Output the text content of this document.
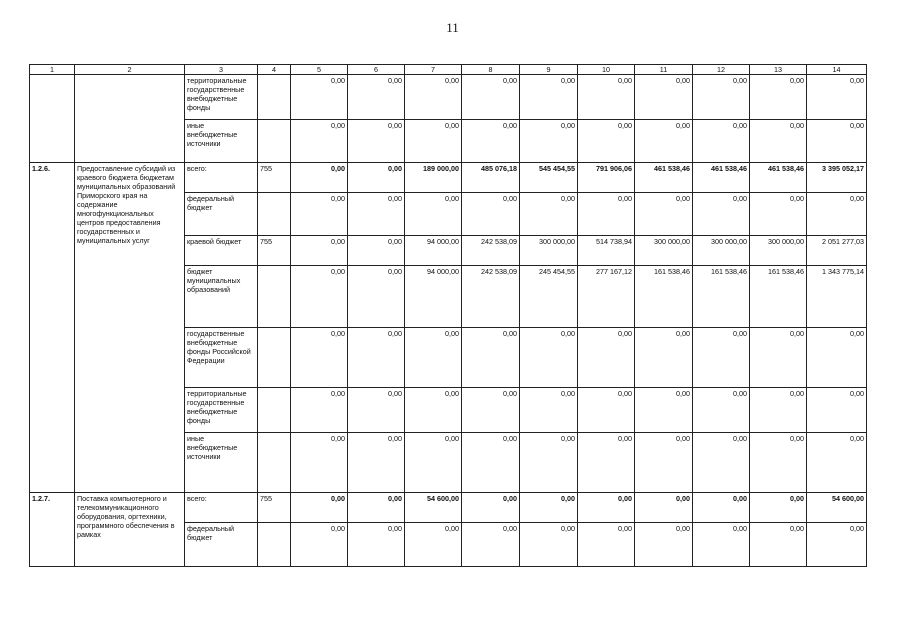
11
1	2	3	4	5	6	7	8	9	10	11	12	13	14
		территориальные государственные внебюджетные фонды		0,00	0,00	0,00	0,00	0,00	0,00	0,00	0,00	0,00	0,00
		иные внебюджетные источники		0,00	0,00	0,00	0,00	0,00	0,00	0,00	0,00	0,00	0,00
1.2.6.	Предоставление субсидий из краевого бюджета бюджетам муниципальных образований Приморского края на содержание многофункциональных центров предоставления государственных и муниципальных услуг	всего:	755	0,00	0,00	189 000,00	485 076,18	545 454,55	791 906,06	461 538,46	461 538,46	461 538,46	3 395 052,17
		федеральный бюджет		0,00	0,00	0,00	0,00	0,00	0,00	0,00	0,00	0,00	0,00
		краевой бюджет	755	0,00	0,00	94 000,00	242 538,09	300 000,00	514 738,94	300 000,00	300 000,00	300 000,00	2 051 277,03
		бюджет муниципальных образований		0,00	0,00	94 000,00	242 538,09	245 454,55	277 167,12	161 538,46	161 538,46	161 538,46	1 343 775,14
		государственные внебюджетные фонды Российской Федерации		0,00	0,00	0,00	0,00	0,00	0,00	0,00	0,00	0,00	0,00
		территориальные государственные внебюджетные фонды		0,00	0,00	0,00	0,00	0,00	0,00	0,00	0,00	0,00	0,00
		иные внебюджетные источники		0,00	0,00	0,00	0,00	0,00	0,00	0,00	0,00	0,00	0,00
1.2.7.	Поставка компьютерного и телекоммуникационного оборудования, оргтехники, программного обеспечения в рамках	всего:	755	0,00	0,00	54 600,00	0,00	0,00	0,00	0,00	0,00	0,00	54 600,00
		федеральный бюджет		0,00	0,00	0,00	0,00	0,00	0,00	0,00	0,00	0,00	0,00
